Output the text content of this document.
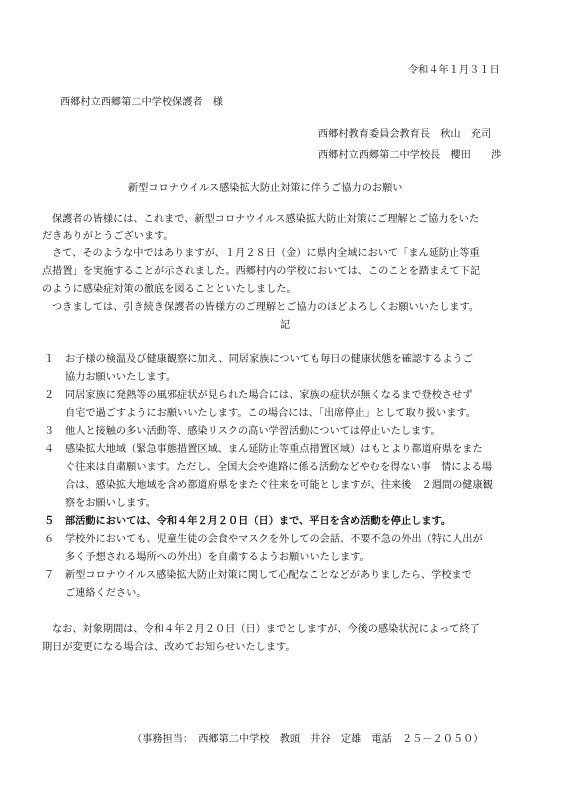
令和４年１月３１日
西郷村立西郷第二中学校保護者　様
西郷村教育委員会教育長　秋山　充司
西郷村立西郷第二中学校長　櫻田　　渉
新型コロナウイルス感染拡大防止対策に伴うご協力のお願い
保護者の皆様には、これまで、新型コロナウイルス感染拡大防止対策にご理解とご協力をいた
だきありがとうございます。
さて、そのような中ではありますが、１月２８日（金）に県内全域において「まん延防止等重
点措置」を実施することが示されました。西郷村内の学校においては、このことを踏まえて下記
のように感染症対策の徹底を図ることといたしました。
つきましては、引き続き保護者の皆様方のご理解とご協力のほどよろしくお願いいたします。
記
１ お子様の検温及び健康観察に加え、同居家族についても毎日の健康状態を確認するようご
協力お願いいたします。
２ 同居家族に発熱等の風邪症状が見られた場合には、家族の症状が無くなるまで登校させず
自宅で過ごすようにお願いいたします。この場合には、「出席停止」として取り扱います。
３ 他人と接触の多い活動等、感染リスクの高い学習活動については停止いたします。
４ 感染拡大地域（緊急事態措置区域、まん延防止等重点措置区域）はもとより都道府県をまた
ぐ往来は自粛願います。ただし、全国大会や進路に係る活動などやむを得ない事　情による場
合は、感染拡大地域を含め都道府県をまたぐ往来を可能としますが、往来後　２週間の健康観
察をお願いします。
５ 部活動においては、令和４年２月２０日（日）まで、平日を含め活動を停止します。
６ 学校外においても、児童生徒の会食やマスクを外しての会話、不要不急の外出（特に人出が
多く予想される場所への外出）を自粛するようお願いいたします。
７ 新型コロナウイルス感染拡大防止対策に関して心配なことなどがありましたら、学校まで
ご連絡ください。
なお、対象期間は、令和４年２月２０日（日）までとしますが、今後の感染状況によって終了
期日が変更になる場合は、改めてお知らせいたします。
（事務担当：　西郷第二中学校　教頭　井谷　定雄　電話　２５－２０５０）
